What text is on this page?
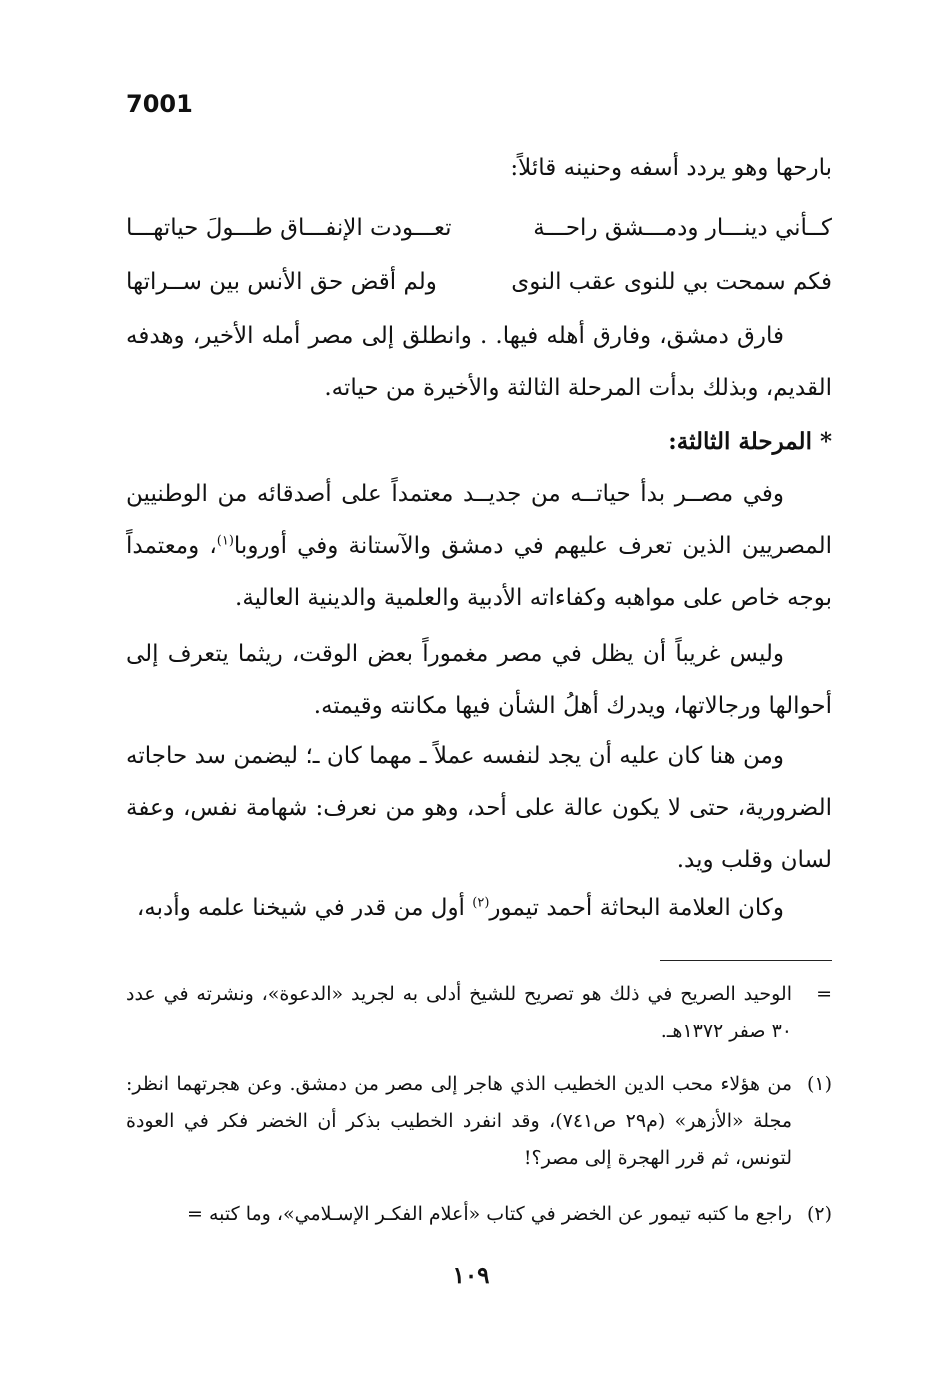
7001

بارحها وهو يردد أسفه وحنينه قائلاً:

كــأني دينـــار ودمـــشق راحـــة
تعـــودت الإنفـــاق طـــولَ حياتهـــا
فكم سمحت بي للنوى عقب النوى
ولم أقض حق الأنس بين ســراتها

فارق دمشق، وفارق أهله فيها. . وانطلق إلى مصر أمله الأخير، وهدفه القديم، وبذلك بدأت المرحلة الثالثة والأخيرة من حياته.

* المرحلة الثالثة:

وفي مصــر بدأ حياتــه من جديــد معتمداً على أصدقائه من الوطنيين المصريين الذين تعرف عليهم في دمشق والآستانة وفي أوروبا$^{(١)}$، ومعتمداً بوجه خاص على مواهبه وكفاءاته الأدبية والعلمية والدينية العالية.

وليس غريباً أن يظل في مصر مغموراً بعض الوقت، ريثما يتعرف إلى أحوالها ورجالاتها، ويدرك أهلُ الشأن فيها مكانته وقيمته.

ومن هنا كان عليه أن يجد لنفسه عملاً ـ مهما كان ـ؛ ليضمن سد حاجاته الضرورية، حتى لا يكون عالة على أحد، وهو من نعرف: شهامة نفس، وعفة لسان وقلب ويد.

وكان العلامة البحاثة أحمد تيمور$^{(٢)}$ أول من قدر في شيخنا علمه وأدبه،

=
الوحيد الصريح في ذلك هو تصريح للشيخ أدلى به لجريد «الدعوة»، ونشرته في عدد ٣٠ صفر ١٣٧٢هـ.
(١)
من هؤلاء محب الدين الخطيب الذي هاجر إلى مصر من دمشق. وعن هجرتهما انظر: مجلة «الأزهر» (م٢٩ ص٧٤١)، وقد انفرد الخطيب بذكر أن الخضر فكر في العودة لتونس، ثم قرر الهجرة إلى مصر؟!
(٢)
راجع ما كتبه تيمور عن الخضر في كتاب «أعلام الفكـر الإسـلامي»، وما كتبه =
١٠٩
